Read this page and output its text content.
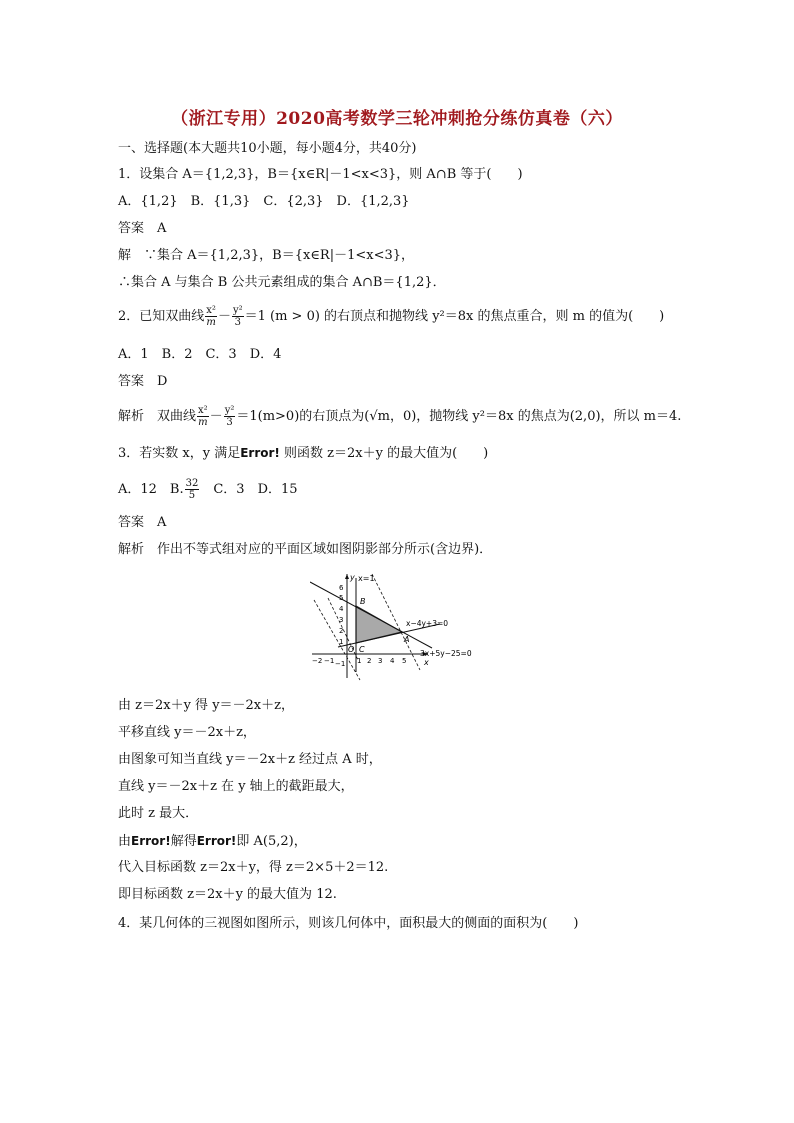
（浙江专用）2020高考数学三轮冲刺抢分练仿真卷（六）
一、选择题(本大题共10小题，每小题4分，共40分)
1．设集合 A＝{1,2,3}，B＝{x∈R|－1<x<3}，则 A∩B 等于(　　)
A．{1,2}　B．{1,3}　C．{2,3}　D．{1,2,3}
答案　A
解　∵集合 A＝{1,2,3}，B＝{x∈R|－1<x<3}，
∴集合 A 与集合 B 公共元素组成的集合 A∩B＝{1,2}．
2．已知双曲线 $\frac{\text{x²}}{m} - \frac{\text{y²}}{3} =1$ (m > 0) 的右顶点和抛物线 y²＝8x 的焦点重合，则 m 的值为(　　)
A．1　B．2　C．3　D．4
答案　D
解析　双曲线 $\frac{\text{x²}}{m} - \frac{\text{y²}}{3} =1(m>0)$的右顶点为(√m，0)，抛物线 y²＝8x 的焦点为(2,0)，所以 m＝4.
3．若实数 x，y 满足Error! 则函数 z＝2x＋y 的最大值为(　　)
A．12　B. $\frac{32}{5}$ 　C．3　D．15
答案　A
解析　作出不等式组对应的平面区域如图阴影部分所示(含边界)．
y x=1
x
x−4y+3=0
3x+5y−25=0
A
B
C
O
6
5
4
3
2
1
−1
−2 −1	1 2 3 4 5
由 z＝2x＋y 得 y＝－2x＋z，
平移直线 y＝－2x＋z，
由图象可知当直线 y＝－2x＋z 经过点 A 时，
直线 y＝－2x＋z 在 y 轴上的截距最大，
此时 z 最大．
由Error!解得Error!即 A(5,2)，
代入目标函数 z＝2x＋y，得 z＝2×5＋2＝12.
即目标函数 z＝2x＋y 的最大值为 12.
4．某几何体的三视图如图所示，则该几何体中，面积最大的侧面的面积为(　　)
